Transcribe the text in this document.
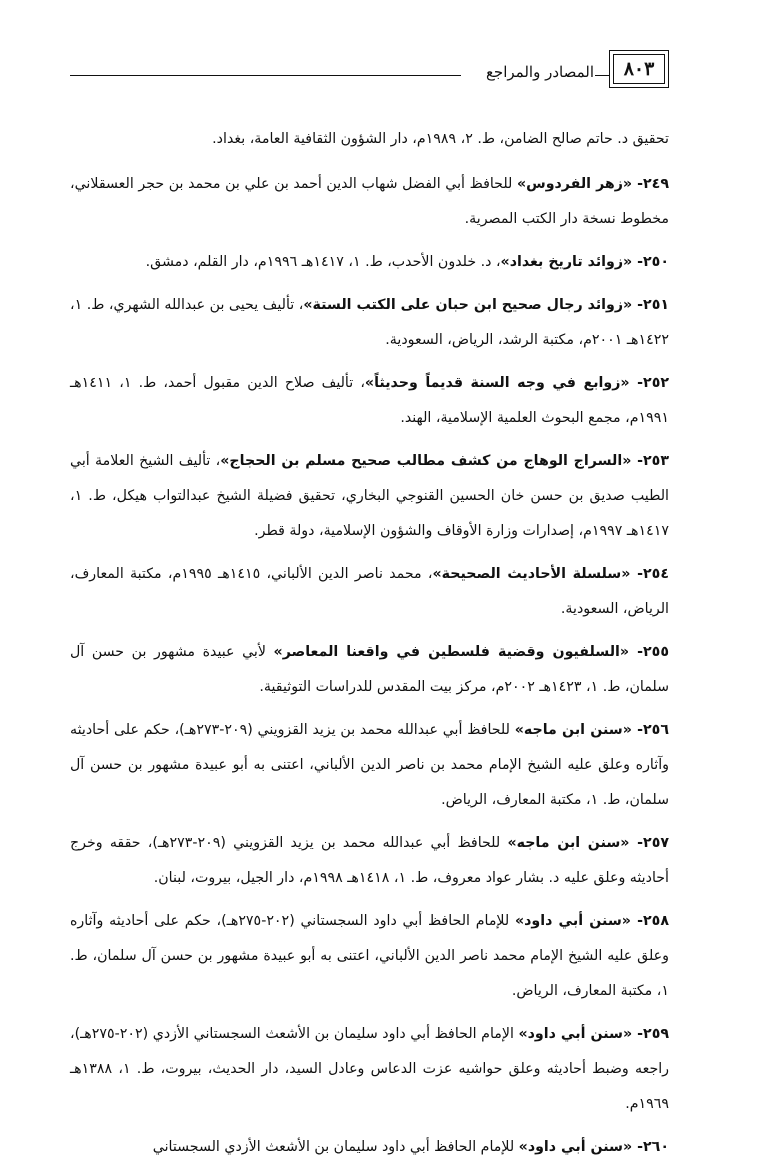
٨٠٣
المصادر والمراجع

تحقيق د. حاتم صالح الضامن، ط. ٢، ١٩٨٩م، دار الشؤون الثقافية العامة، بغداد.

٢٤٩- «زهر الفردوس» للحافظ أبي الفضل شهاب الدين أحمد بن علي بن محمد بن حجر العسقلاني، مخطوط نسخة دار الكتب المصرية.

٢٥٠- «زوائد تاريخ بغداد»، د. خلدون الأحدب، ط. ١، ١٤١٧هـ ١٩٩٦م، دار القلم، دمشق.

٢٥١- «زوائد رجال صحيح ابن حبان على الكتب الستة»، تأليف يحيى بن عبدالله الشهري، ط. ١، ١٤٢٢هـ ٢٠٠١م، مكتبة الرشد، الرياض، السعودية.

٢٥٢- «زوابع في وجه السنة قديماً وحديثاً»، تأليف صلاح الدين مقبول أحمد، ط. ١، ١٤١١هـ ١٩٩١م، مجمع البحوث العلمية الإسلامية، الهند.

٢٥٣- «السراج الوهاج من كشف مطالب صحيح مسلم بن الحجاج»، تأليف الشيخ العلامة أبي الطيب صديق بن حسن خان الحسين القنوجي البخاري، تحقيق فضيلة الشيخ عبدالتواب هيكل، ط. ١، ١٤١٧هـ ١٩٩٧م، إصدارات وزارة الأوقاف والشؤون الإسلامية، دولة قطر.

٢٥٤- «سلسلة الأحاديث الصحيحة»، محمد ناصر الدين الألباني، ١٤١٥هـ ١٩٩٥م، مكتبة المعارف، الرياض، السعودية.

٢٥٥- «السلفيون وقضية فلسطين في واقعنا المعاصر» لأبي عبيدة مشهور بن حسن آل سلمان، ط. ١، ١٤٢٣هـ ٢٠٠٢م، مركز بيت المقدس للدراسات التوثيقية.

٢٥٦- «سنن ابن ماجه» للحافظ أبي عبدالله محمد بن يزيد القزويني (٢٠٩-٢٧٣هـ)، حكم على أحاديثه وآثاره وعلق عليه الشيخ الإمام محمد بن ناصر الدين الألباني، اعتنى به أبو عبيدة مشهور بن حسن آل سلمان، ط. ١، مكتبة المعارف، الرياض.

٢٥٧- «سنن ابن ماجه» للحافظ أبي عبدالله محمد بن يزيد القزويني (٢٠٩-٢٧٣هـ)، حققه وخرج أحاديثه وعلق عليه د. بشار عواد معروف، ط. ١، ١٤١٨هـ ١٩٩٨م، دار الجيل، بيروت، لبنان.

٢٥٨- «سنن أبي داود» للإمام الحافظ أبي داود السجستاني (٢٠٢-٢٧٥هـ)، حكم على أحاديثه وآثاره وعلق عليه الشيخ الإمام محمد ناصر الدين الألباني، اعتنى به أبو عبيدة مشهور بن حسن آل سلمان، ط. ١، مكتبة المعارف، الرياض.

٢٥٩- «سنن أبي داود» الإمام الحافظ أبي داود سليمان بن الأشعث السجستاني الأزدي (٢٠٢-٢٧٥هـ)، راجعه وضبط أحاديثه وعلق حواشيه عزت الدعاس وعادل السيد، دار الحديث، بيروت، ط. ١، ١٣٨٨هـ ١٩٦٩م.

٢٦٠- «سنن أبي داود» للإمام الحافظ أبي داود سليمان بن الأشعث الأزدي السجستاني
